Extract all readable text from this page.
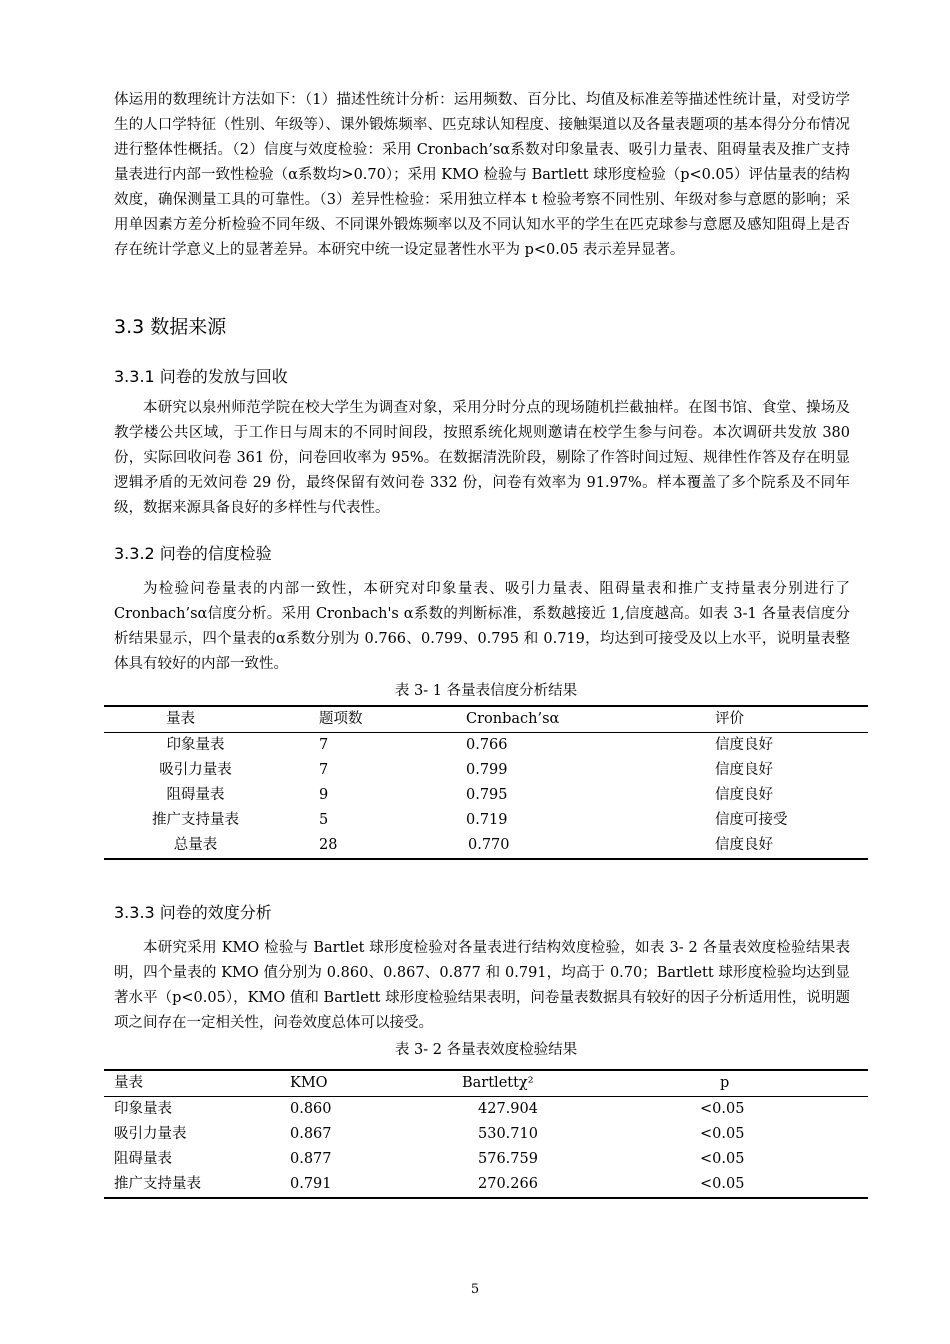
体运用的数理统计方法如下：（1）描述性统计分析：运用频数、百分比、均值及标准差等描述性统计量，对受访学生的人口学特征（性别、年级等）、课外锻炼频率、匹克球认知程度、接触渠道以及各量表题项的基本得分分布情况进行整体性概括。（2）信度与效度检验：采用 Cronbach’sα系数对印象量表、吸引力量表、阻碍量表及推广支持量表进行内部一致性检验（α系数均>0.70）；采用 KMO 检验与 Bartlett 球形度检验（p<0.05）评估量表的结构效度，确保测量工具的可靠性。（3）差异性检验：采用独立样本 t 检验考察不同性别、年级对参与意愿的影响；采用单因素方差分析检验不同年级、不同课外锻炼频率以及不同认知水平的学生在匹克球参与意愿及感知阻碍上是否存在统计学意义上的显著差异。本研究中统一设定显著性水平为 p<0.05 表示差异显著。

3.3 数据来源
3.3.1 问卷的发放与回收

本研究以泉州师范学院在校大学生为调查对象，采用分时分点的现场随机拦截抽样。在图书馆、食堂、操场及教学楼公共区域，于工作日与周末的不同时间段，按照系统化规则邀请在校学生参与问卷。本次调研共发放 380 份，实际回收问卷 361 份，问卷回收率为 95%。在数据清洗阶段，剔除了作答时间过短、规律性作答及存在明显逻辑矛盾的无效问卷 29 份，最终保留有效问卷 332 份，问卷有效率为 91.97%。样本覆盖了多个院系及不同年级，数据来源具备良好的多样性与代表性。

3.3.2 问卷的信度检验

为检验问卷量表的内部一致性，本研究对印象量表、吸引力量表、阻碍量表和推广支持量表分别进行了 Cronbach’sα信度分析。采用 Cronbach's α系数的判断标准，系数越接近 1,信度越高。如表 3-1 各量表信度分析结果显示，四个量表的α系数分别为 0.766、0.799、0.795 和 0.719，均达到可接受及以上水平，说明量表整体具有较好的内部一致性。

表 3- 1 各量表信度分析结果
量表	题项数	Cronbach’sα	评价
印象量表	7	0.766	信度良好
吸引力量表	7	0.799	信度良好
阻碍量表	9	0.795	信度良好
推广支持量表	5	0.719	信度可接受
总量表	28	0.770	信度良好
3.3.3 问卷的效度分析

本研究采用 KMO 检验与 Bartlet 球形度检验对各量表进行结构效度检验，如表 3- 2 各量表效度检验结果表明，四个量表的 KMO 值分别为 0.860、0.867、0.877 和 0.791，均高于 0.70；Bartlett 球形度检验均达到显著水平（p<0.05），KMO 值和 Bartlett 球形度检验结果表明，问卷量表数据具有较好的因子分析适用性，说明题项之间存在一定相关性，问卷效度总体可以接受。

表 3- 2 各量表效度检验结果
量表	KMO	Bartlettχ²	p
印象量表	0.860	427.904	<0.05
吸引力量表	0.867	530.710	<0.05
阻碍量表	0.877	576.759	<0.05
推广支持量表	0.791	270.266	<0.05
5
